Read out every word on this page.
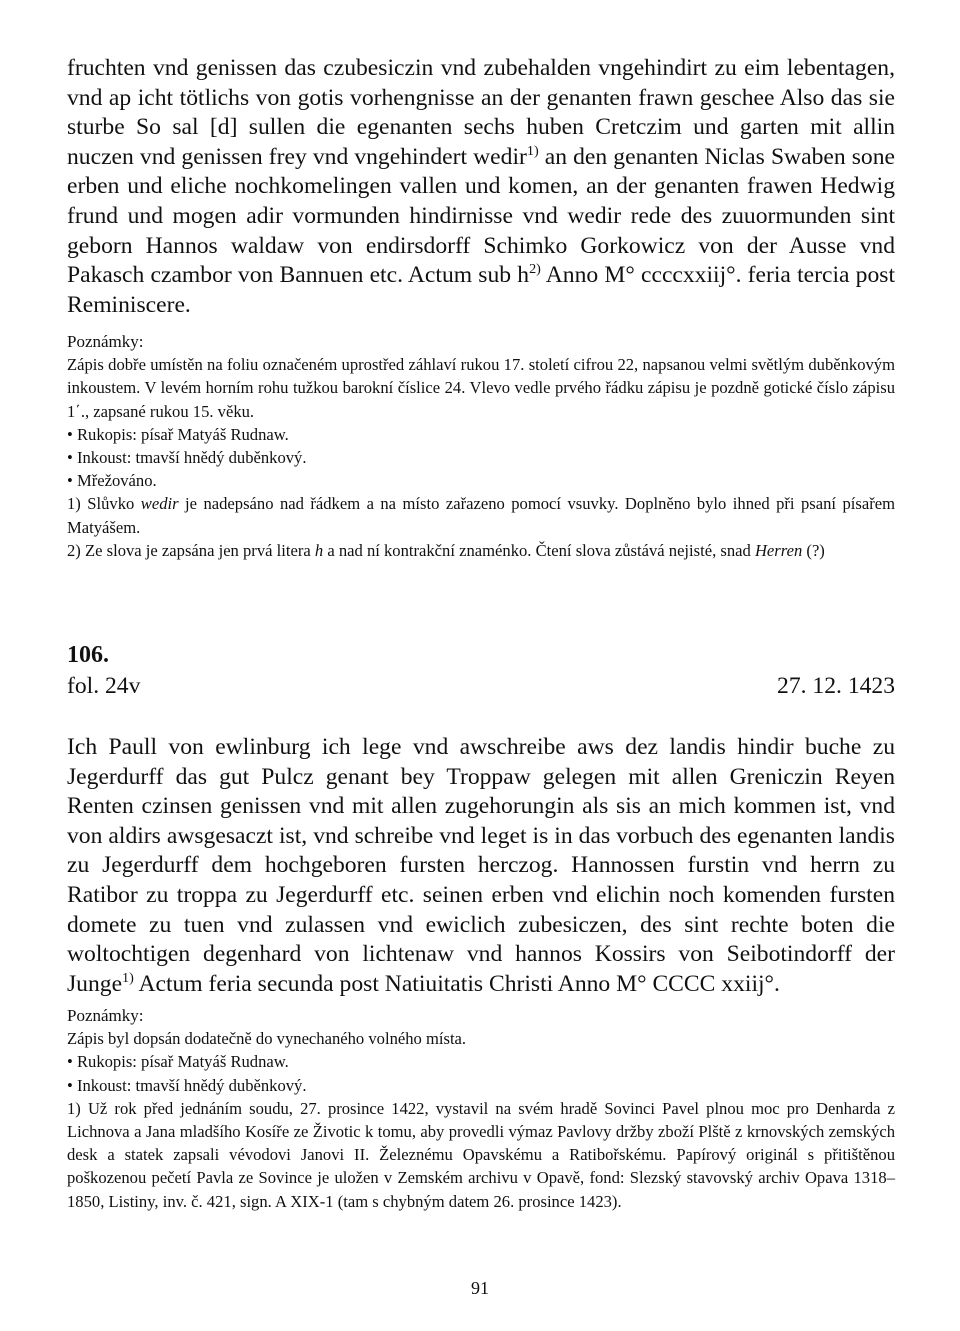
fruchten vnd genissen das czubesiczin vnd zubehalden vngehindirt zu eim lebentagen, vnd ap icht tötlichs von gotis vorhengnisse an der genanten frawn geschee Also das sie sturbe So sal [d] sullen die egenanten sechs huben Cretczim und garten mit allin nuczen vnd genissen frey vnd vngehindert wedir$^{1)}$ an den genanten Niclas Swaben sone erben und eliche nochkomelingen vallen und komen, an der genanten frawen Hedwig frund und mogen adir vormunden hindirnisse vnd wedir rede des zuuormunden sint geborn Hannos waldaw von endirsdorff Schimko Gorkowicz von der Ausse vnd Pakasch czambor von Bannuen etc. Actum sub $h^{2)}$ Anno M° ccccxxiij°. feria tercia post Reminiscere.

Poznámky:
Zápis dobře umístěn na foliu označeném uprostřed záhlaví rukou 17. století cifrou 22, napsanou velmi světlým duběnkovým inkoustem. V levém horním rohu tužkou barokní číslice 24. Vlevo vedle prvého řádku zápisu je pozdně gotické číslo zápisu 1΄., zapsané rukou 15. věku.
• Rukopis: písař Matyáš Rudnaw.
• Inkoust: tmavší hnědý duběnkový.
• Mřežováno.
1) Slůvko wedir je nadepsáno nad řádkem a na místo zařazeno pomocí vsuvky. Doplněno bylo ihned při psaní písařem Matyášem.
2) Ze slova je zapsána jen prvá litera h a nad ní kontrakční znaménko. Čtení slova zůstává nejisté, snad Herren (?)
106.
fol. 24v	27. 12. 1423

Ich Paull von ewlinburg ich lege vnd awschreibe aws dez landis hindir buche zu Jegerdurff das gut Pulcz genant bey Troppaw gelegen mit allen Greniczin Reyen Renten czinsen genissen vnd mit allen zugehorungin als sis an mich kommen ist, vnd von aldirs awsgesaczt ist, vnd schreibe vnd leget is in das vorbuch des egenanten landis zu Jegerdurff dem hochgeboren fursten herczog. Hannossen furstin vnd herrn zu Ratibor zu troppa zu Jegerdurff etc. seinen erben vnd elichin noch komenden fursten domete zu tuen vnd zulassen vnd ewiclich zubesiczen, des sint rechte boten die woltochtigen degenhard von lichtenaw vnd hannos Kossirs von Seibotindorff der Junge$^{1)}$ Actum feria secunda post Natiuitatis Christi Anno M° CCCC xxiij°.

Poznámky:
Zápis byl dopsán dodatečně do vynechaného volného místa.
• Rukopis: písař Matyáš Rudnaw.
• Inkoust: tmavší hnědý duběnkový.
1) Už rok před jednáním soudu, 27. prosince 1422, vystavil na svém hradě Sovinci Pavel plnou moc pro Denharda z Lichnova a Jana mladšího Kosíře ze Životic k tomu, aby provedli výmaz Pavlovy držby zboží Plště z krnovských zemských desk a statek zapsali vévodovi Janovi II. Železnému Opavskému a Ratibořskému. Papírový originál s přitištěnou poškozenou pečetí Pavla ze Sovince je uložen v Zemském archivu v Opavě, fond: Slezský stavovský archiv Opava 1318–1850, Listiny, inv. č. 421, sign. A XIX-1 (tam s chybným datem 26. prosince 1423).
91
